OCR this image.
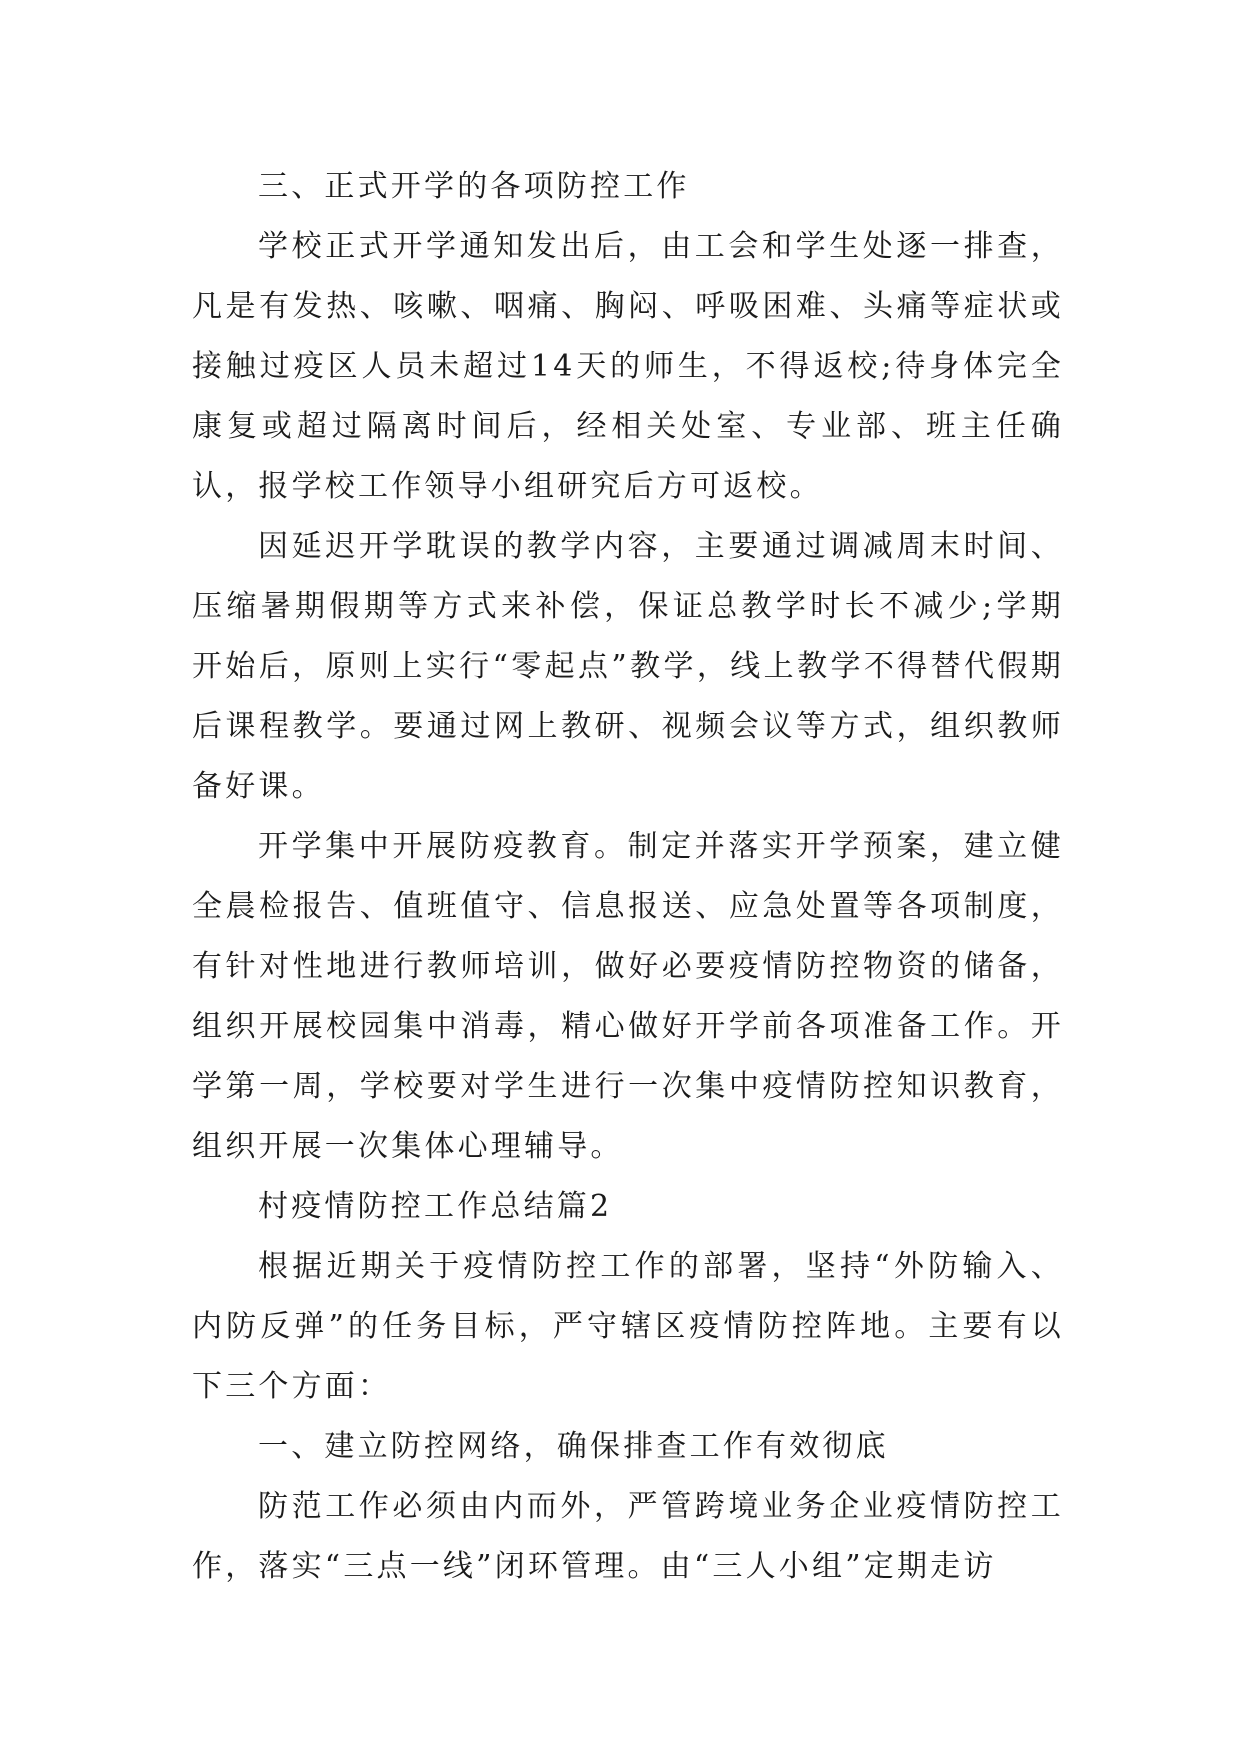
三、正式开学的各项防控工作

学校正式开学通知发出后，由工会和学生处逐一排查，凡是有发热、咳嗽、咽痛、胸闷、呼吸困难、头痛等症状或接触过疫区人员未超过14天的师生，不得返校;待身体完全康复或超过隔离时间后，经相关处室、专业部、班主任确认，报学校工作领导小组研究后方可返校。

因延迟开学耽误的教学内容，主要通过调减周末时间、压缩暑期假期等方式来补偿，保证总教学时长不减少;学期开始后，原则上实行“零起点”教学，线上教学不得替代假期后课程教学。要通过网上教研、视频会议等方式，组织教师备好课。

开学集中开展防疫教育。制定并落实开学预案，建立健全晨检报告、值班值守、信息报送、应急处置等各项制度，有针对性地进行教师培训，做好必要疫情防控物资的储备，组织开展校园集中消毒，精心做好开学前各项准备工作。开学第一周，学校要对学生进行一次集中疫情防控知识教育，组织开展一次集体心理辅导。

村疫情防控工作总结篇2

根据近期关于疫情防控工作的部署，坚持“外防输入、内防反弹”的任务目标，严守辖区疫情防控阵地。主要有以下三个方面：

一、建立防控网络，确保排查工作有效彻底

防范工作必须由内而外，严管跨境业务企业疫情防控工作，落实“三点一线”闭环管理。由“三人小组”定期走访
